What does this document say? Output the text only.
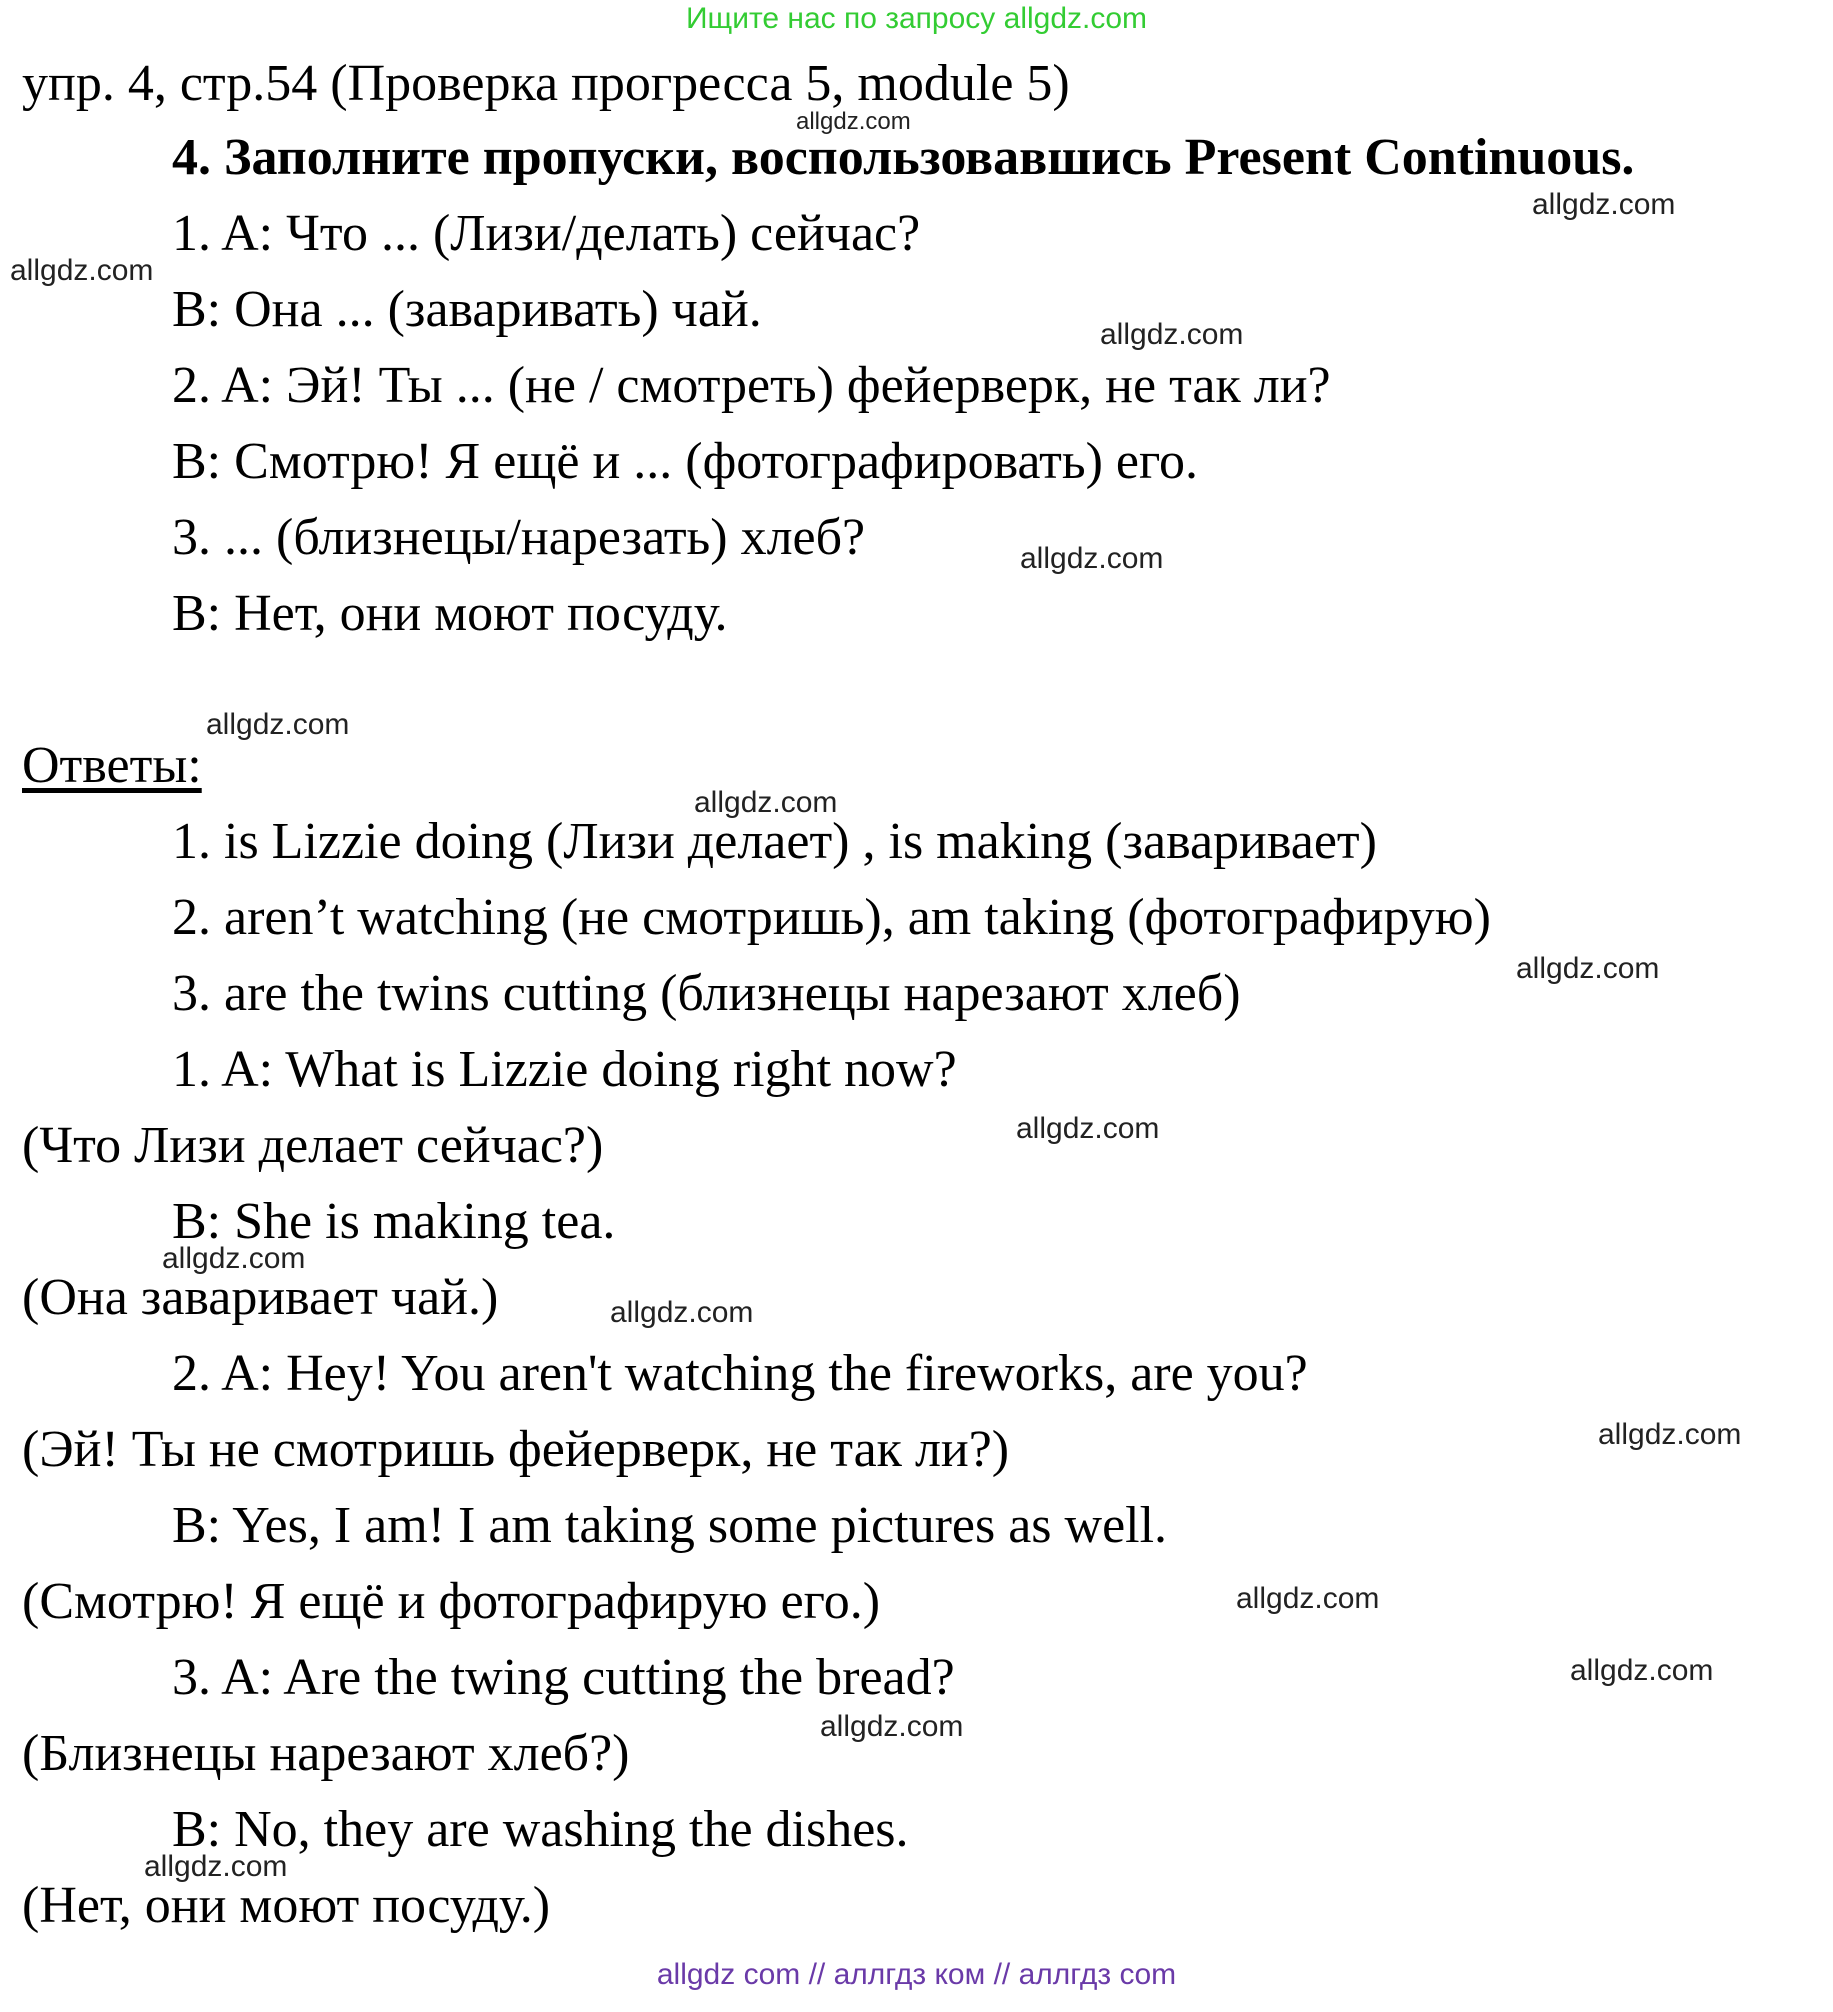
Ищите нас по запросу allgdz.com
упр. 4, стр.54 (Проверка прогресса 5, module 5)
4. Заполните пропуски, воспользовавшись Present Continuous.
1. A: Что ... (Лизи/делать) сейчас?
B: Она ... (заваривать) чай.
2. A: Эй! Ты ... (не / смотреть) фейерверк, не так ли?
B: Смотрю! Я ещё и ... (фотографировать) его.
3. ... (близнецы/нарезать) хлеб?
B: Нет, они моют посуду.
Ответы:
1. is Lizzie doing (Лизи делает) , is making (заваривает)
2. aren’t watching (не смотришь), am taking (фотографирую)
3. are the twins cutting (близнецы нарезают хлеб)
1. A: What is Lizzie doing right now?
(Что Лизи делает сейчас?)
B: She is making tea.
(Она заваривает чай.)
2. A: Hey! You aren't watching the fireworks, are you?
(Эй! Ты не смотришь фейерверк, не так ли?)
B: Yes, I am! I am taking some pictures as well.
(Смотрю! Я ещё и фотографирую его.)
3. A: Are the twing cutting the bread?
(Близнецы нарезают хлеб?)
B: No, they are washing the dishes.
(Нет, они моют посуду.)
allgdz.com
allgdz.com
allgdz.com
allgdz.com
allgdz.com
allgdz.com
allgdz.com
allgdz.com
allgdz.com
allgdz.com
allgdz.com
allgdz.com
allgdz.com
allgdz.com
allgdz.com
allgdz.com
allgdz com // аллгдз ком // аллгдз com
